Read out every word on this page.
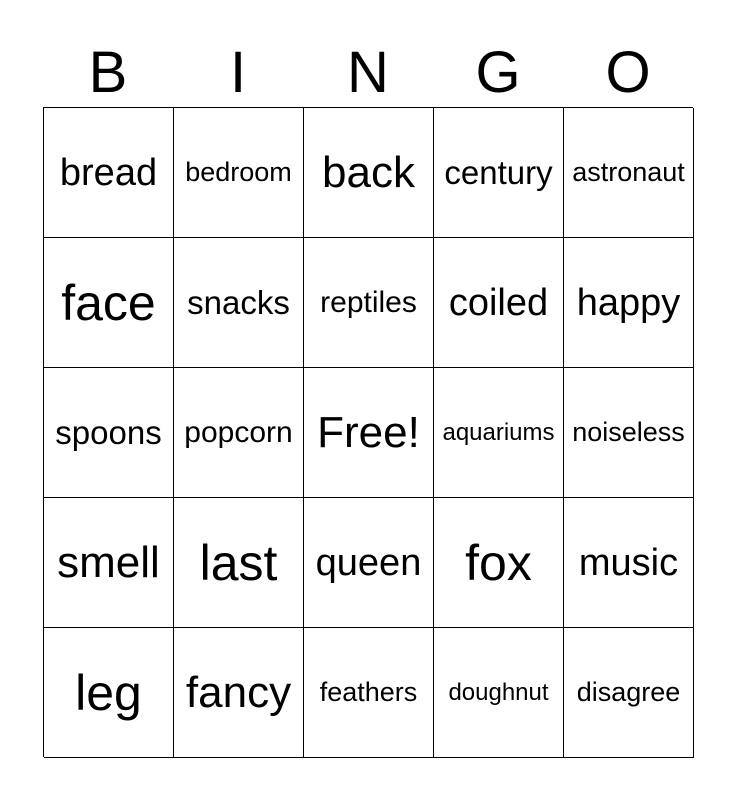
B	I	N	G	O
bread	bedroom back century astronaut
face snacks	reptiles coiled happy
spoons popcorn Free! aquariums noiseless
smell last	queen fox	music
leg	fancy	feathers	doughnut	disagree
